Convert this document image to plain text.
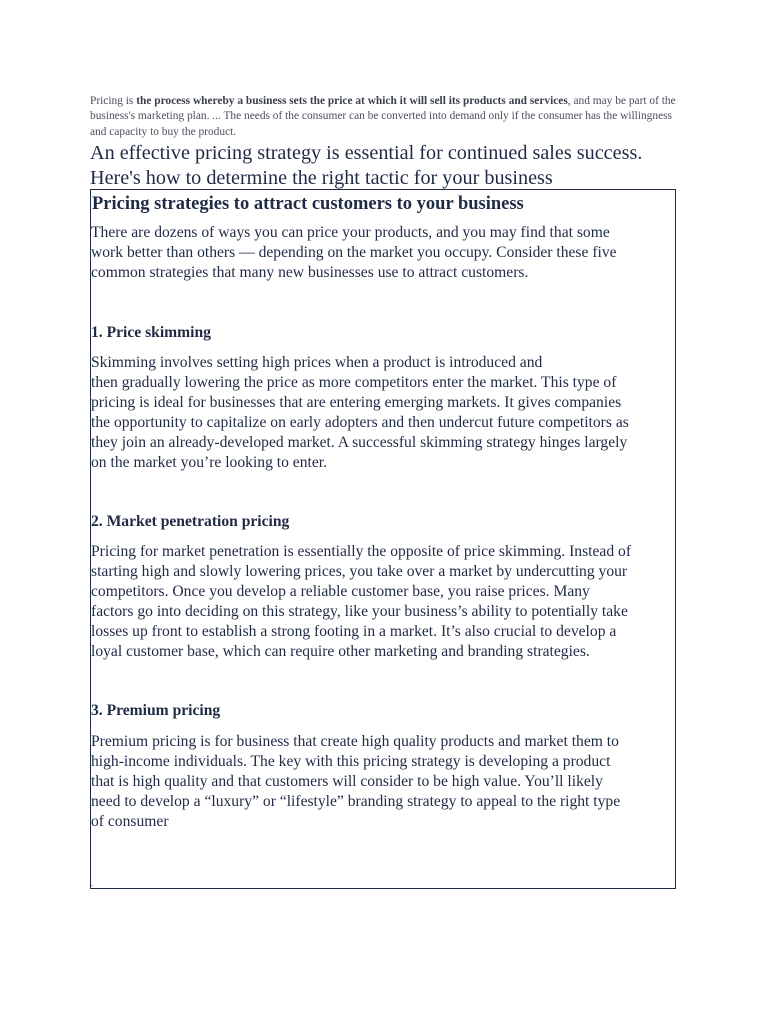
Pricing is the process whereby a business sets the price at which it will sell its products and services, and may be part of the business's marketing plan. ... The needs of the consumer can be converted into demand only if the consumer has the willingness and capacity to buy the product.
An effective pricing strategy is essential for continued sales success.
Here's how to determine the right tactic for your business
Pricing strategies to attract customers to your business
There are dozens of ways you can price your products, and you may find that some
work better than others — depending on the market you occupy. Consider these five
common strategies that many new businesses use to attract customers.
1. Price skimming
Skimming involves setting high prices when a product is introduced and
then gradually lowering the price as more competitors enter the market. This type of
pricing is ideal for businesses that are entering emerging markets. It gives companies
the opportunity to capitalize on early adopters and then undercut future competitors as
they join an already-developed market. A successful skimming strategy hinges largely
on the market you’re looking to enter.
2. Market penetration pricing
Pricing for market penetration is essentially the opposite of price skimming. Instead of
starting high and slowly lowering prices, you take over a market by undercutting your
competitors. Once you develop a reliable customer base, you raise prices. Many
factors go into deciding on this strategy, like your business’s ability to potentially take
losses up front to establish a strong footing in a market. It’s also crucial to develop a
loyal customer base, which can require other marketing and branding strategies.
3. Premium pricing
Premium pricing is for business that create high quality products and market them to
high-income individuals. The key with this pricing strategy is developing a product
that is high quality and that customers will consider to be high value. You’ll likely
need to develop a “luxury” or “lifestyle” branding strategy to appeal to the right type
of consumer
.
